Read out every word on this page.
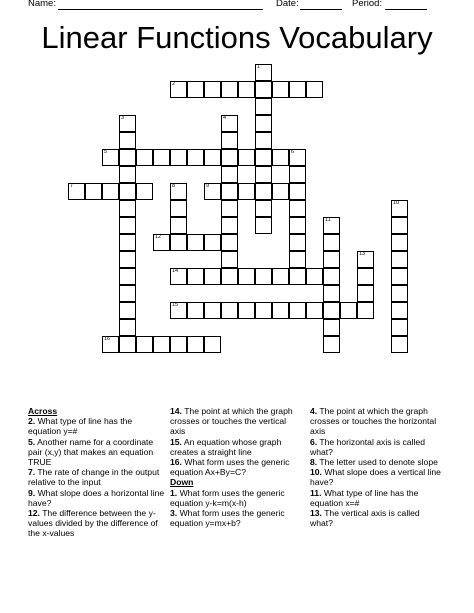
Name:	Date:	Period:
Linear Functions Vocabulary
2
5
7	8	9
12
14
15
16
1
3	4
6
10
11
13
Across
2. What type of line has the equation y=#
5. Another name for a coordinate pair (x,y) that makes an equation TRUE
7. The rate of change in the output relative to the input
9. What slope does a horizontal line have?
12. The difference between the y-values divided by the difference of the x-values
14. The point at which the graph crosses or touches the vertical axis
15. An equation whose graph creates a straight line
16. What form uses the generic equation Ax+By=C?
Down
1. What form uses the generic equation y-k=m(x-h)
3. What form uses the generic equation y=mx+b?
4. The point at which the graph crosses or touches the horizontal axis
6. The horizontal axis is called what?
8. The letter used to denote slope
10. What slope does a vertical line have?
11. What type of line has the equation x=#
13. The vertical axis is called what?
